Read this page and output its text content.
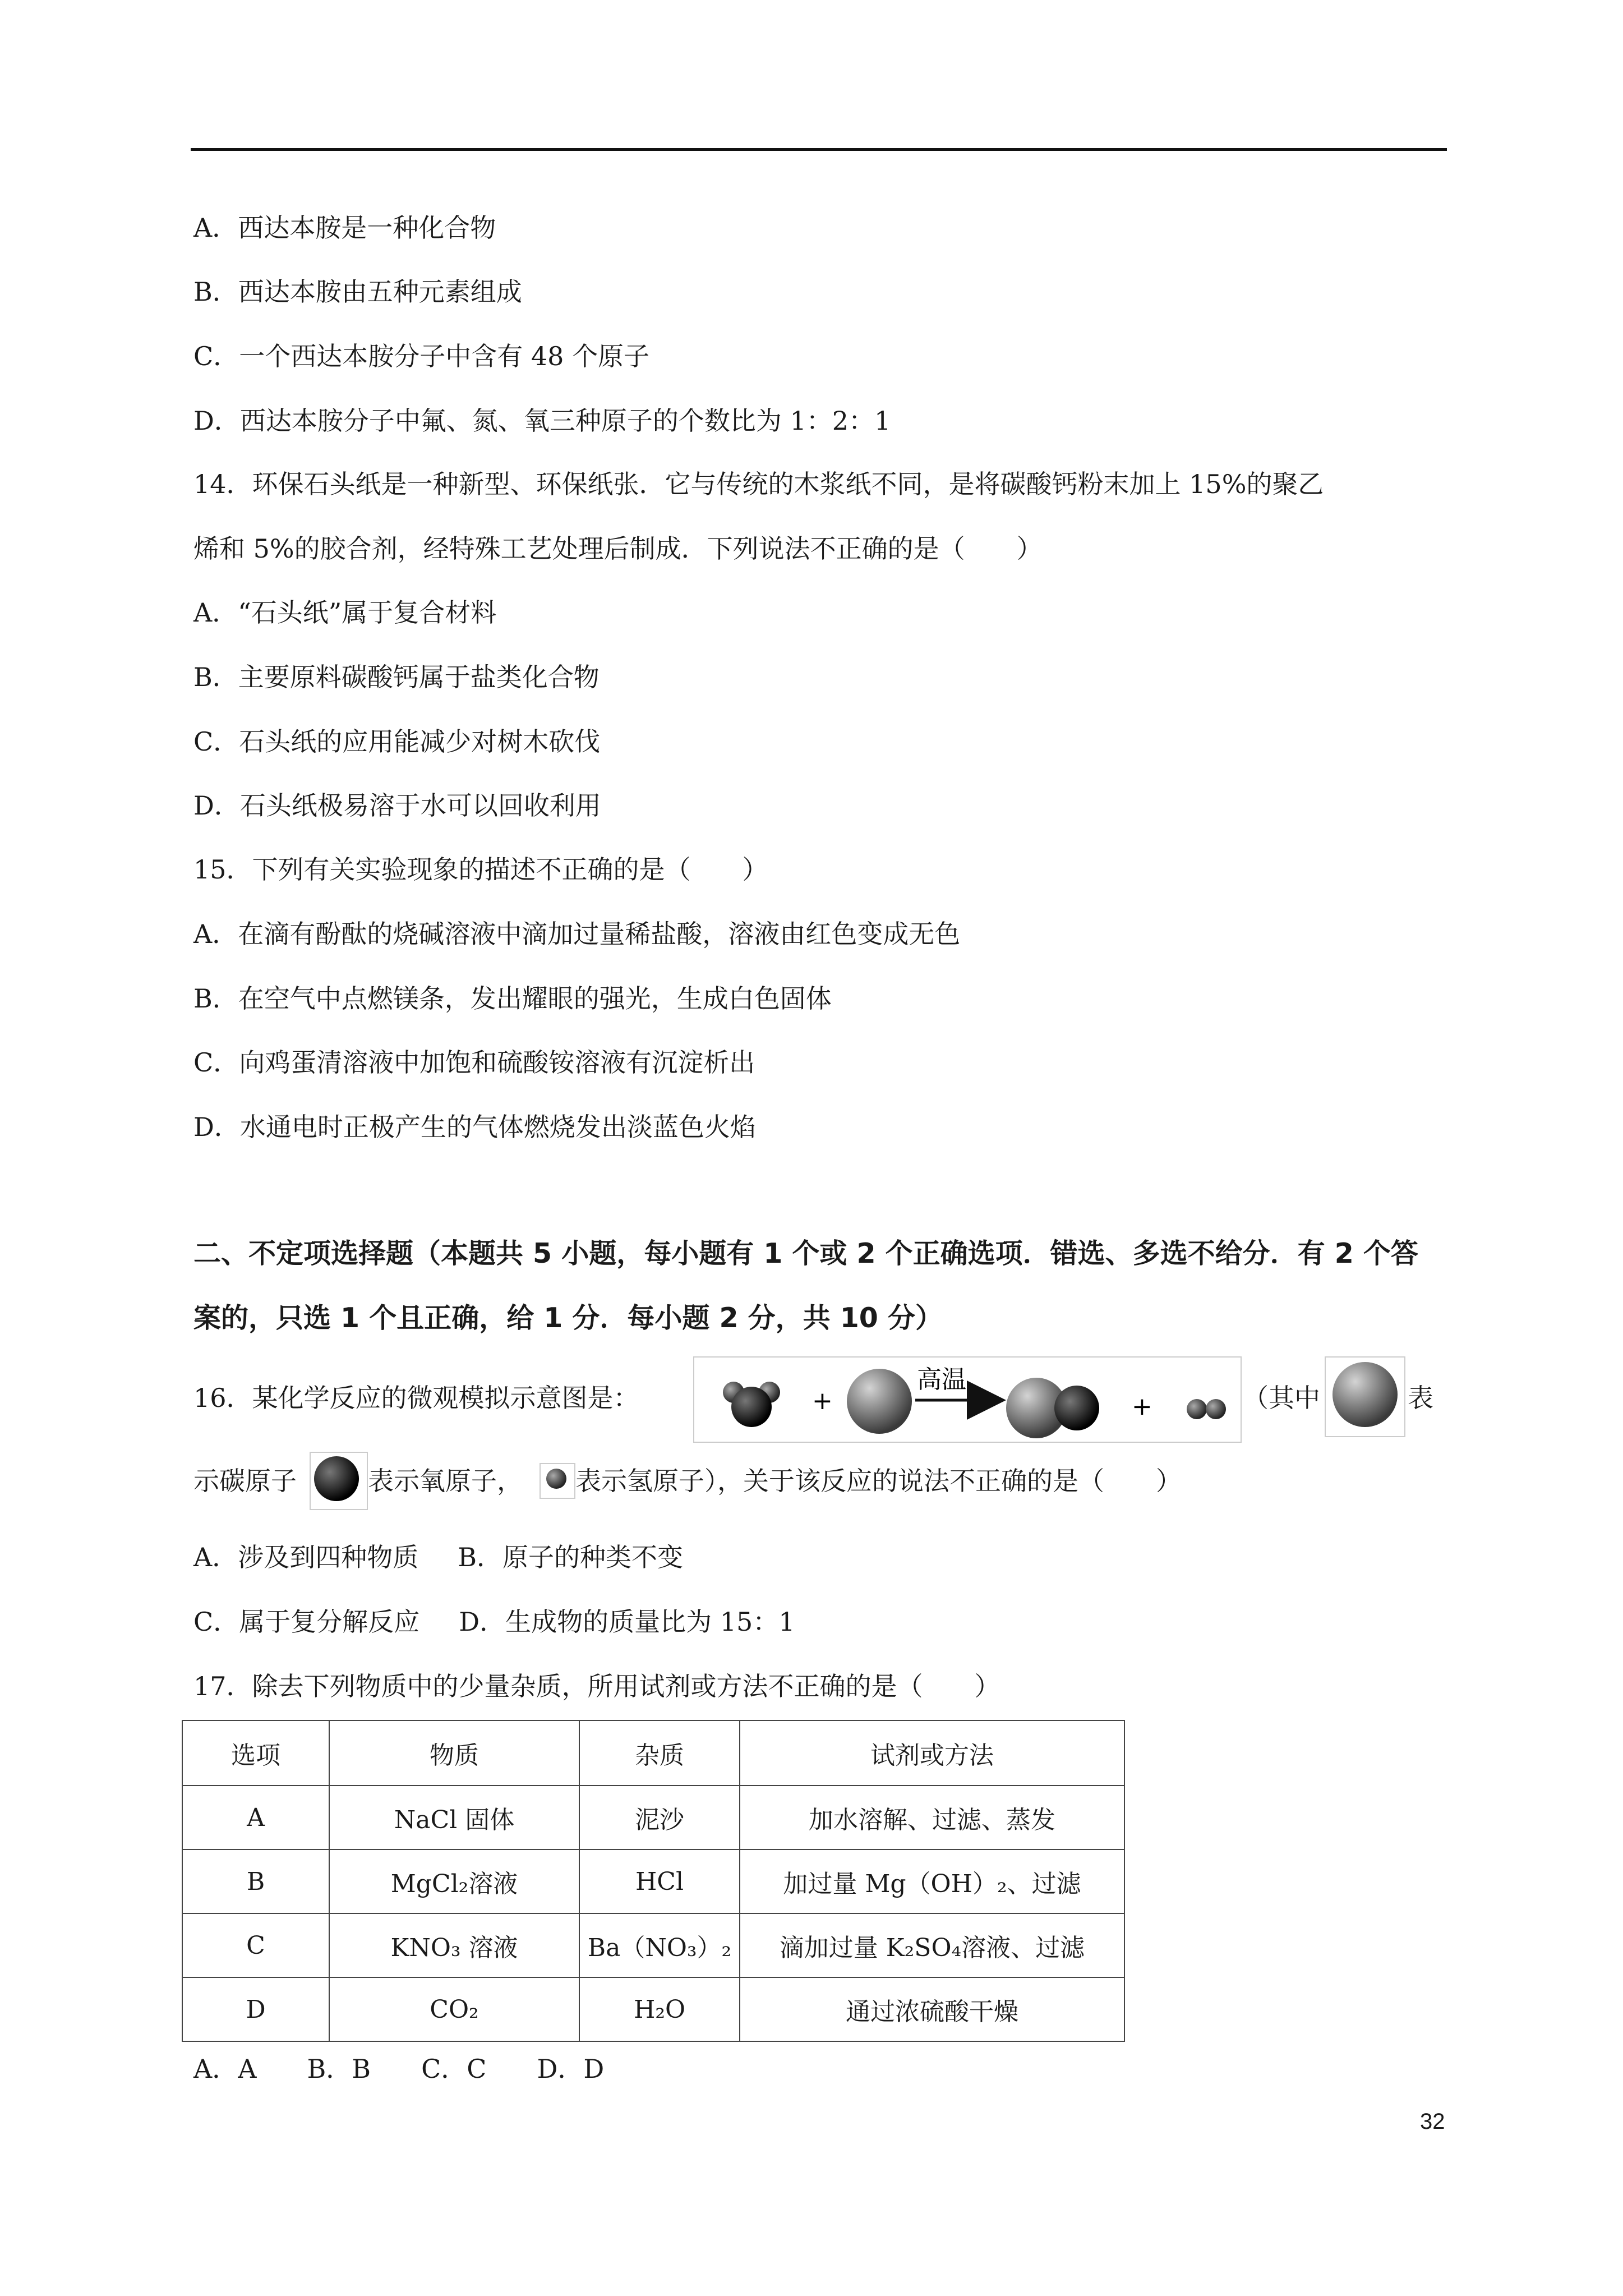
A．西达本胺是一种化合物
B．西达本胺由五种元素组成
C．一个西达本胺分子中含有 48 个原子
D．西达本胺分子中氟、氮、氧三种原子的个数比为 1：2：1
14．环保石头纸是一种新型、环保纸张．它与传统的木浆纸不同，是将碳酸钙粉末加上 15%的聚乙
烯和 5%的胶合剂，经特殊工艺处理后制成．下列说法不正确的是（　　）
A．“石头纸”属于复合材料
B．主要原料碳酸钙属于盐类化合物
C．石头纸的应用能减少对树木砍伐
D．石头纸极易溶于水可以回收利用
15．下列有关实验现象的描述不正确的是（　　）
A．在滴有酚酞的烧碱溶液中滴加过量稀盐酸，溶液由红色变成无色
B．在空气中点燃镁条，发出耀眼的强光，生成白色固体
C．向鸡蛋清溶液中加饱和硫酸铵溶液有沉淀析出
D．水通电时正极产生的气体燃烧发出淡蓝色火焰
二、不定项选择题（本题共 5 小题，每小题有 1 个或 2 个正确选项．错选、多选不给分．有 2 个答
案的，只选 1 个且正确，给 1 分．每小题 2 分，共 10 分）
16．某化学反应的微观模拟示意图是：	+
高温
+	（其中	表
示碳原子	表示氧原子， 表示氢原子），关于该反应的说法不正确的是（　　）
A．涉及到四种物质 B．原子的种类不变
C．属于复分解反应 D．生成物的质量比为 15：1
17．除去下列物质中的少量杂质，所用试剂或方法不正确的是（　　）
选项	物质	杂质	试剂或方法
A	NaCl 固体	泥沙	加水溶解、过滤、蒸发
B	MgCl₂溶液	HCl	加过量 Mg（OH）₂、过滤
C	KNO₃ 溶液	Ba（NO₃）₂	滴加过量 K₂SO₄溶液、过滤
D	CO₂	H₂O	通过浓硫酸干燥
A．A B．B C．C D．D
32
